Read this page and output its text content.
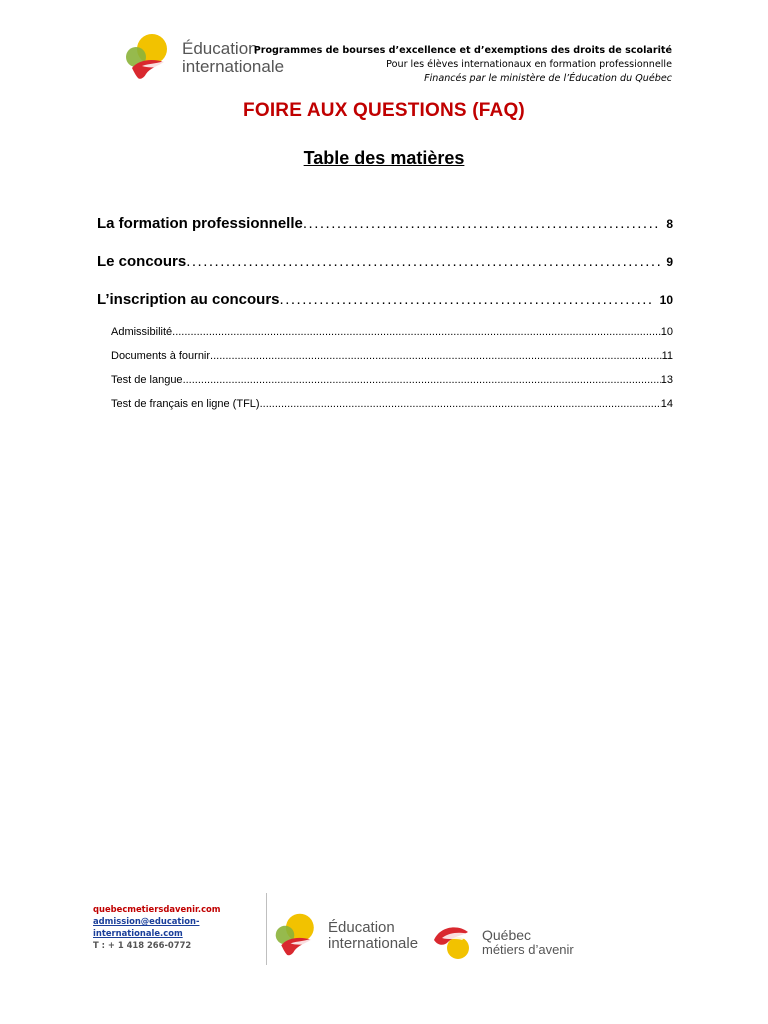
Éducation
internationale
Programmes de bourses d’excellence et d’exemptions des droits de scolarité
Pour les élèves internationaux en formation professionnelle
Financés par le ministère de l’Éducation du Québec
FOIRE AUX QUESTIONS (FAQ)
Table des matières
La formation professionnelle .....	8
Le concours .....	9
L’inscription au concours .....	10
Admissibilité .....	10
Documents à fournir .....	11
Test de langue .....	13
Test de français en ligne (TFL) .....	14
quebecmetiersdavenir.com
admission@education-
internationale.com
T : + 1 418 266-0772
Éducation
internationale
Québec
métiers d’avenir
